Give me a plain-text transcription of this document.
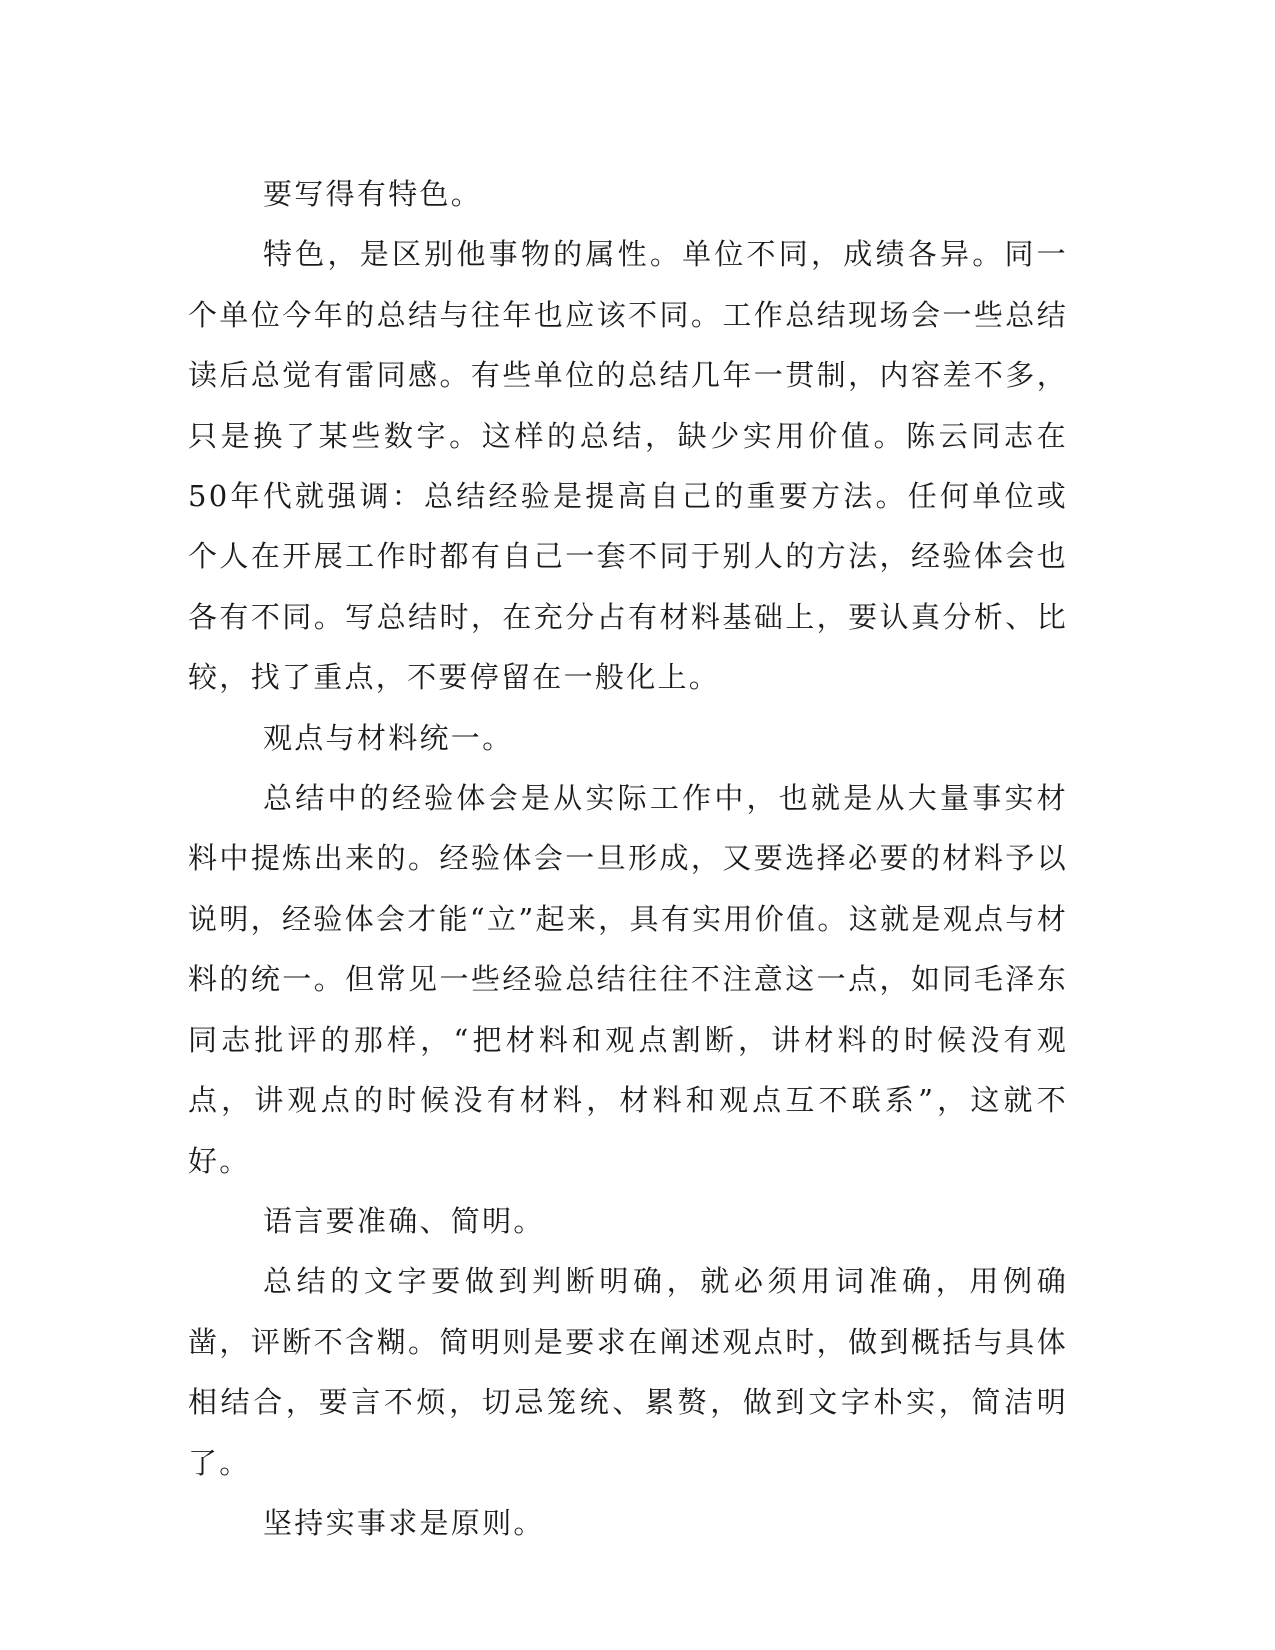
要写得有特色。

特色，是区别他事物的属性。单位不同，成绩各异。同一个单位今年的总结与往年也应该不同。工作总结现场会一些总结读后总觉有雷同感。有些单位的总结几年一贯制，内容差不多，只是换了某些数字。这样的总结，缺少实用价值。陈云同志在50年代就强调：总结经验是提高自己的重要方法。任何单位或个人在开展工作时都有自己一套不同于别人的方法，经验体会也各有不同。写总结时，在充分占有材料基础上，要认真分析、比较，找了重点，不要停留在一般化上。

观点与材料统一。

总结中的经验体会是从实际工作中，也就是从大量事实材料中提炼出来的。经验体会一旦形成，又要选择必要的材料予以说明，经验体会才能“立”起来，具有实用价值。这就是观点与材料的统一。但常见一些经验总结往往不注意这一点，如同毛泽东同志批评的那样，“把材料和观点割断，讲材料的时候没有观点，讲观点的时候没有材料，材料和观点互不联系”，这就不好。

语言要准确、简明。

总结的文字要做到判断明确，就必须用词准确，用例确凿，评断不含糊。简明则是要求在阐述观点时，做到概括与具体相结合，要言不烦，切忌笼统、累赘，做到文字朴实，简洁明了。

坚持实事求是原则。
